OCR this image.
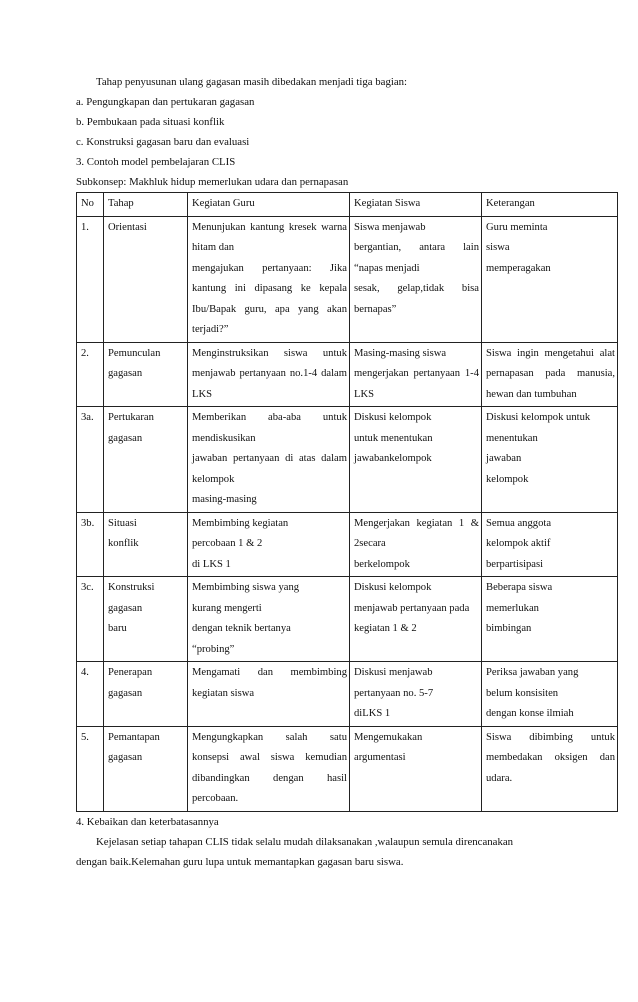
Tahap penyusunan ulang gagasan masih dibedakan menjadi tiga bagian:
a. Pengungkapan dan pertukaran gagasan
b. Pembukaan pada situasi konflik
c. Konstruksi gagasan baru dan evaluasi
3. Contoh model pembelajaran CLIS
Subkonsep: Makhluk hidup memerlukan udara dan pernapasan
No	Tahap	Kegiatan Guru	Kegiatan Siswa	Keterangan
1.	Orientasi	Menunjukan kantung kresek warna hitam dan
mengajukan pertanyaan: Jika kantung ini dipasang ke kepala Ibu/Bapak guru, apa yang akan terjadi?”	Siswa menjawab
bergantian, antara lain “napas menjadi
sesak, gelap,tidak bisa bernapas”	Guru meminta
siswa
memperagakan

2.	Pemunculan
gagasan	Menginstruksikan siswa untuk menjawab pertanyaan no.1-4 dalam LKS	Masing-masing siswa
mengerjakan pertanyaan 1-4 LKS	Siswa ingin mengetahui alat pernapasan pada manusia, hewan dan tumbuhan

3a.	Pertukaran
gagasan	Memberikan aba-aba untuk mendiskusikan
jawaban pertanyaan di atas dalam kelompok
masing-masing	Diskusi kelompok
untuk menentukan
jawabankelompok	Diskusi kelompok untuk
menentukan
jawaban
kelompok

3b.	Situasi
konflik	Membimbing kegiatan
percobaan 1 & 2
di LKS 1	Mengerjakan kegiatan 1 & 2secara
berkelompok	Semua anggota
kelompok aktif
berpartisipasi

3c.	Konstruksi
gagasan
baru	Membimbing siswa yang
kurang mengerti
dengan teknik bertanya
“probing”	Diskusi kelompok
menjawab pertanyaan pada
kegiatan 1 & 2	Beberapa siswa
memerlukan
bimbingan

4.	Penerapan
gagasan	Mengamati dan membimbing kegiatan siswa	Diskusi menjawab
pertanyaan no. 5-7
diLKS 1	Periksa jawaban yang
belum konsisiten
dengan konse ilmiah

5.	Pemantapan
gagasan	Mengungkapkan salah satu konsepsi awal siswa kemudian dibandingkan dengan hasil percobaan.	Mengemukakan
argumentasi	Siswa dibimbing untuk membedakan oksigen dan udara.
4. Kebaikan dan keterbatasannya
Kejelasan setiap tahapan CLIS tidak selalu mudah dilaksanakan ,walaupun semula direncanakan
dengan baik.Kelemahan guru lupa untuk memantapkan gagasan baru siswa.
